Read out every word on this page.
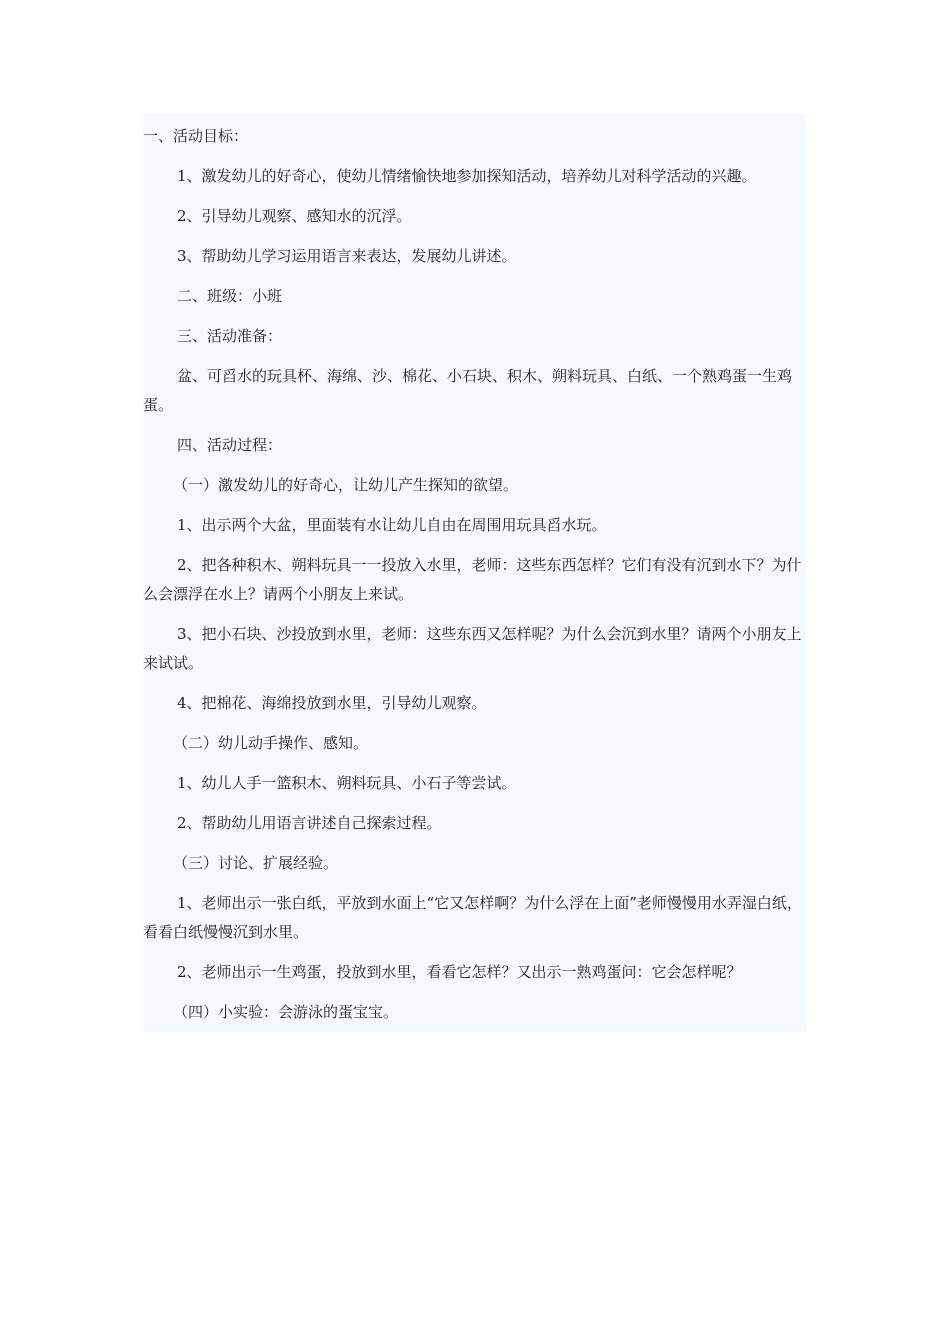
一、活动目标：

1、激发幼儿的好奇心，使幼儿情绪愉快地参加探知活动，培养幼儿对科学活动的兴趣。

2、引导幼儿观察、感知水的沉浮。

3、帮助幼儿学习运用语言来表达，发展幼儿讲述。

二、班级：小班

三、活动准备：

盆、可舀水的玩具杯、海绵、沙、棉花、小石块、积木、朔料玩具、白纸、一个熟鸡蛋一生鸡蛋。

四、活动过程：

（一）激发幼儿的好奇心，让幼儿产生探知的欲望。

1、出示两个大盆，里面装有水让幼儿自由在周围用玩具舀水玩。

2、把各种积木、朔料玩具一一投放入水里，老师：这些东西怎样？它们有没有沉到水下？为什么会漂浮在水上？请两个小朋友上来试。

3、把小石块、沙投放到水里，老师：这些东西又怎样呢？为什么会沉到水里？请两个小朋友上来试试。

4、把棉花、海绵投放到水里，引导幼儿观察。

（二）幼儿动手操作、感知。

1、幼儿人手一篮积木、朔料玩具、小石子等尝试。

2、帮助幼儿用语言讲述自己探索过程。

（三）讨论、扩展经验。

1、老师出示一张白纸，平放到水面上“它又怎样啊？为什么浮在上面”老师慢慢用水弄湿白纸，看看白纸慢慢沉到水里。

2、老师出示一生鸡蛋，投放到水里，看看它怎样？又出示一熟鸡蛋问：它会怎样呢？

（四）小实验：会游泳的蛋宝宝。
